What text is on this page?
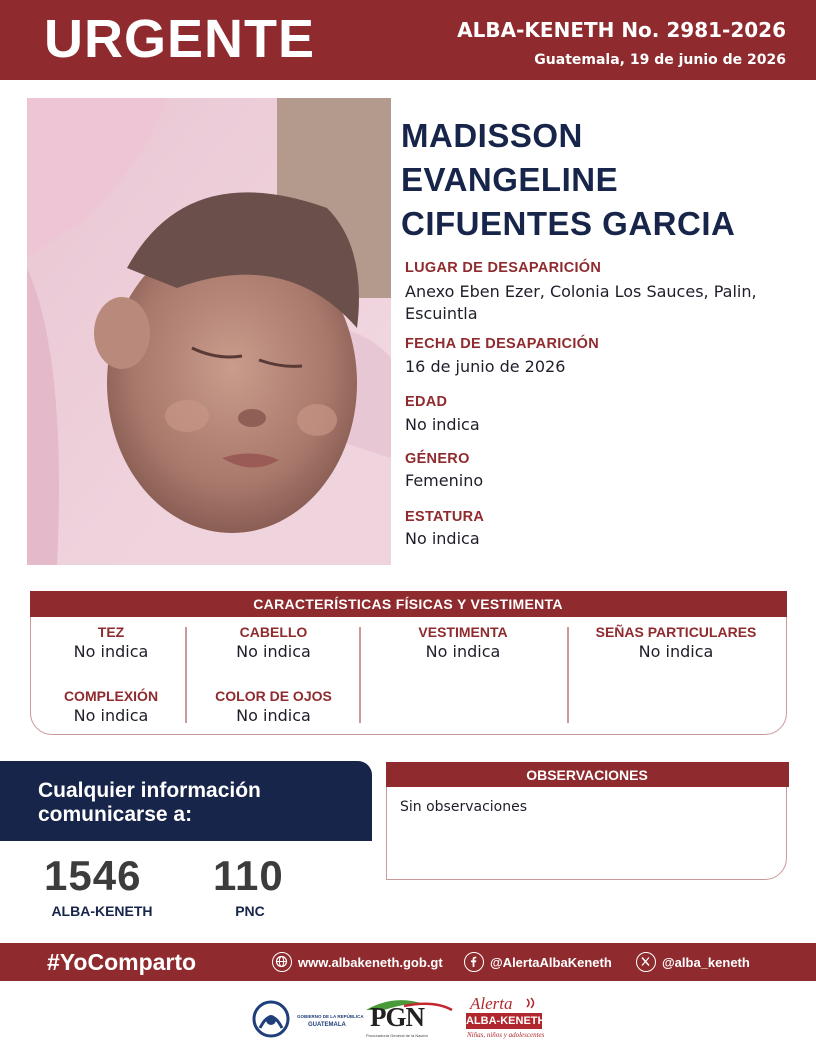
URGENTE	ALBA-KENETH No. 2981-2026
Guatemala, 19 de junio de 2026
MADISSON
EVANGELINE
CIFUENTES GARCIA
LUGAR DE DESAPARICIÓN
Anexo Eben Ezer, Colonia Los Sauces, Palin,
Escuintla
FECHA DE DESAPARICIÓN
16 de junio de 2026
EDAD
No indica
GÉNERO
Femenino
ESTATURA
No indica
CARACTERÍSTICAS FÍSICAS Y VESTIMENTA
TEZ
No indica
COMPLEXIÓN
No indica
CABELLO
No indica
COLOR DE OJOS
No indica
VESTIMENTA
No indica
SEÑAS PARTICULARES
No indica
Cualquier información
comunicarse a:
1546
ALBA-KENETH
110
PNC
OBSERVACIONES
Sin observaciones
#YoComparto	www.albakeneth.gob.gt	@AlertaAlbaKeneth	@alba_keneth
GOBIERNO DE LA REPÚBLICA
GUATEMALA PGN
Procuraduría General de la Nación
Alerta
ALBA-KENETH
Niñas, niños y adolescentes
